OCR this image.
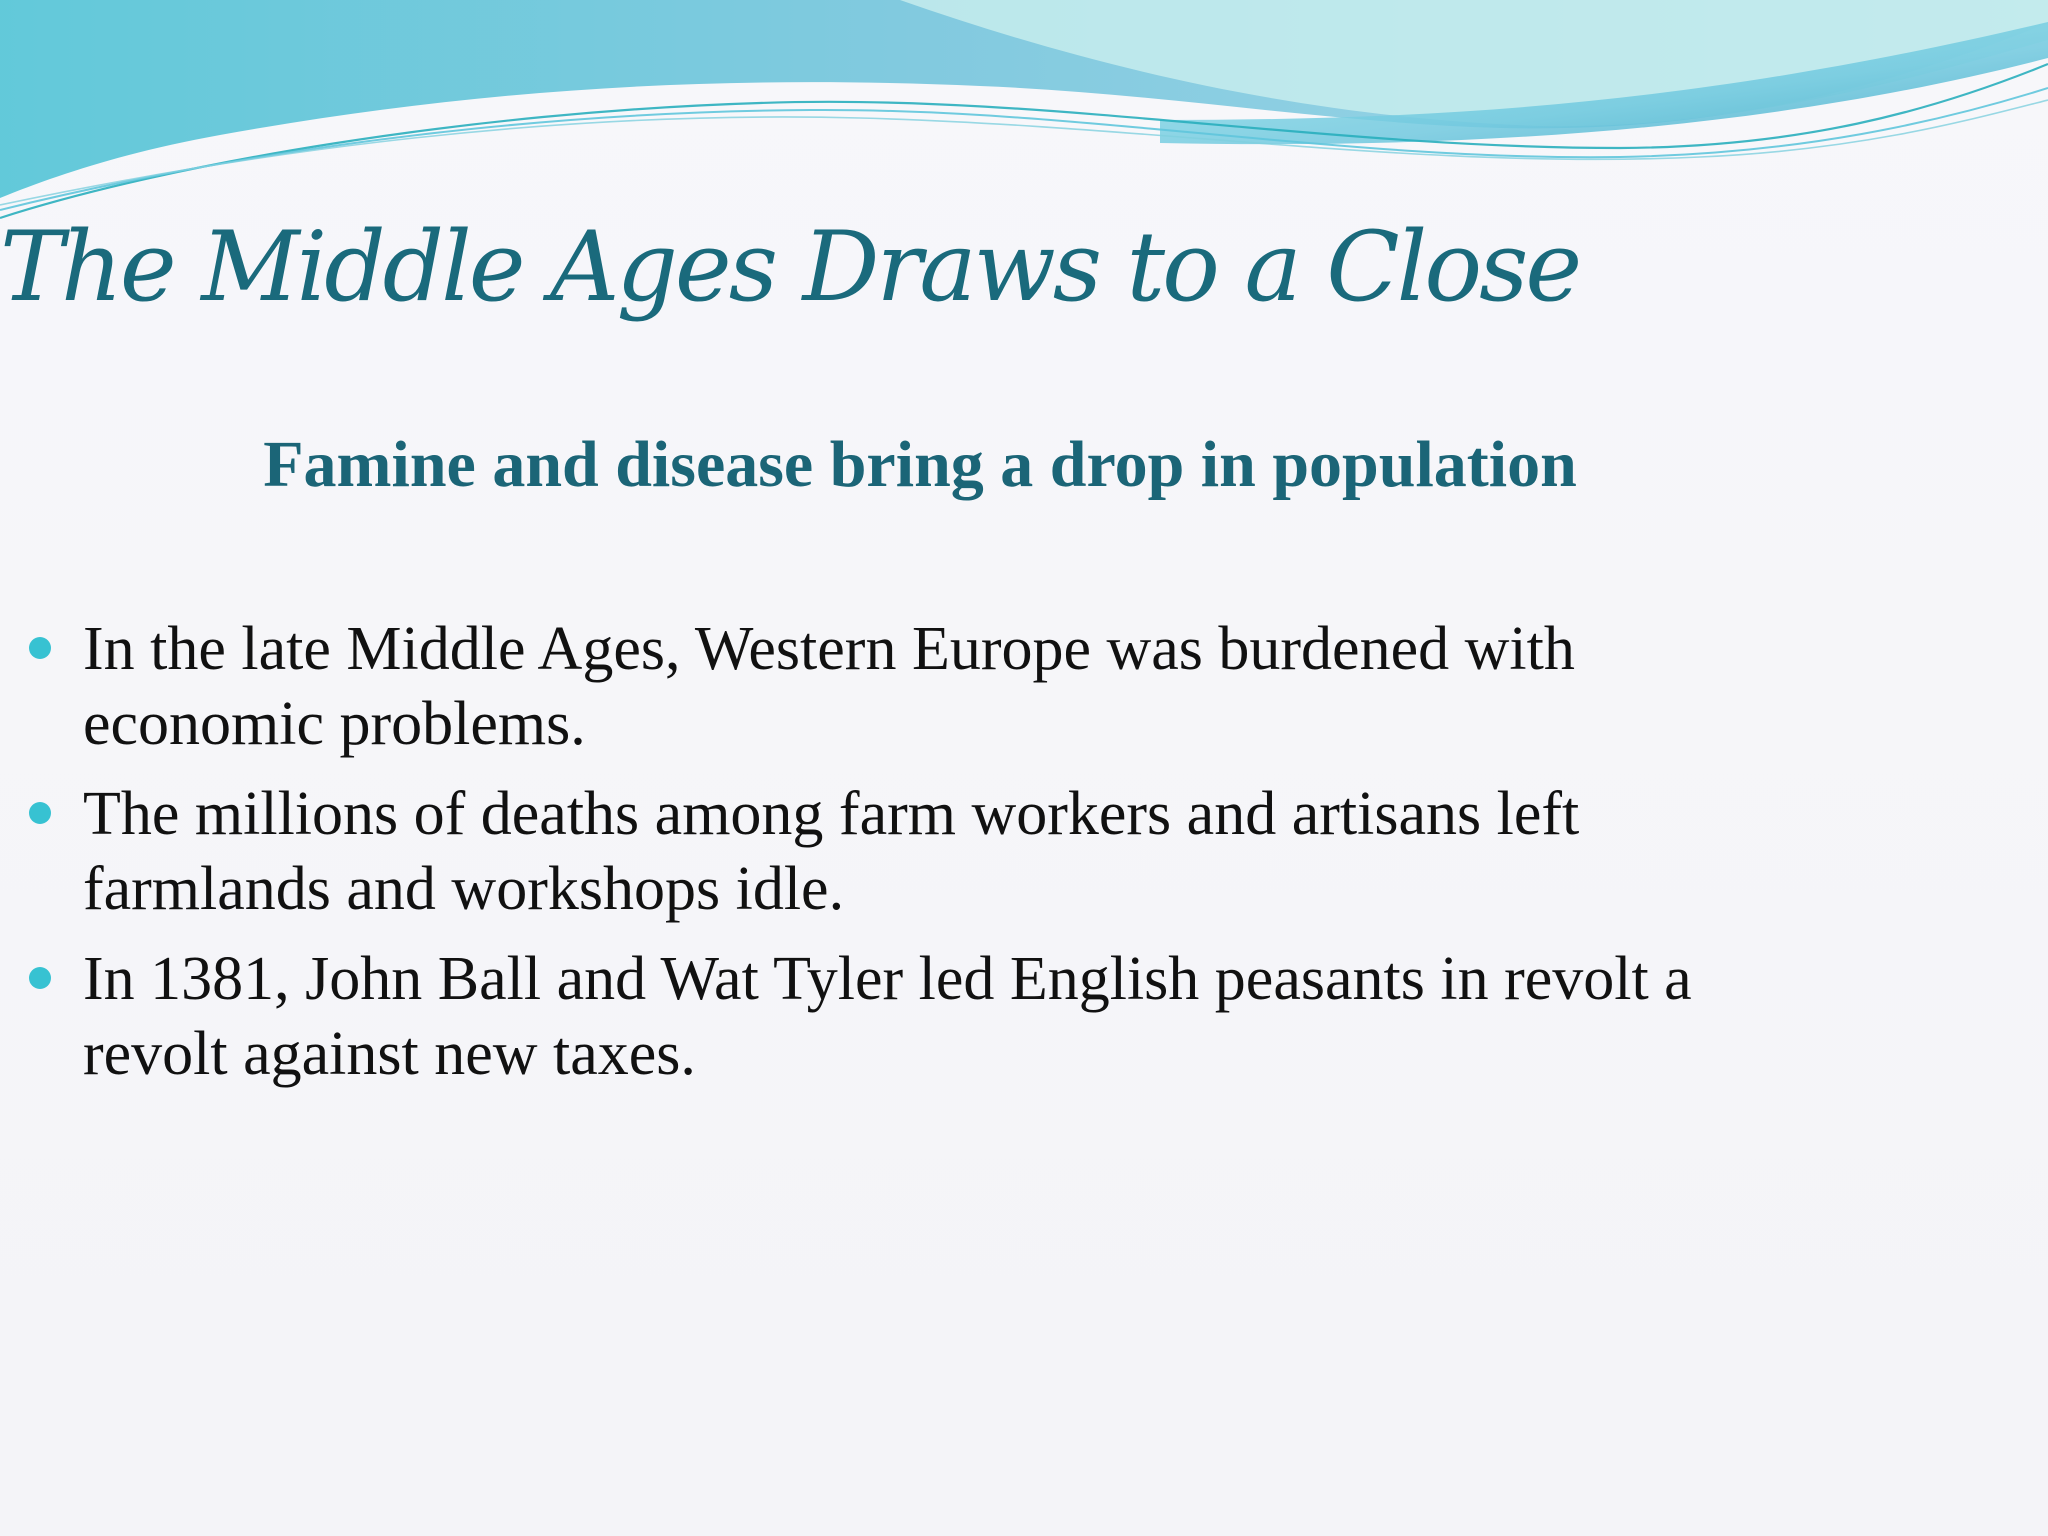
The Middle Ages Draws to a Close
Famine and disease bring a drop in population
In the late Middle Ages, Western Europe was burdened with economic problems.
The millions of deaths among farm workers and artisans left farmlands and workshops idle.
In 1381, John Ball and Wat Tyler led English peasants in revolt a revolt against new taxes.
